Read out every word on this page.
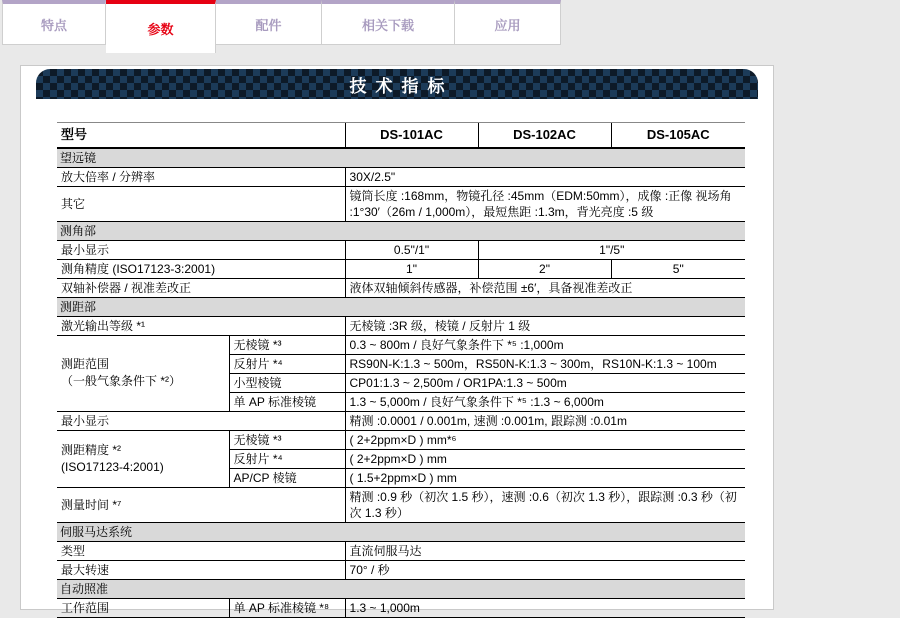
特点	参数	配件	相关下载	应用
技术指标
型号		DS-101AC	DS-102AC	DS-105AC
望远镜				
放大倍率 / 分辨率		30X/2.5"		
其它		镜筒长度 :168mm，物镜孔径 :45mm（EDM:50mm），成像 :正像 视场角 :1°30′（26m / 1,000m），最短焦距 :1.3m，背光亮度 :5 级		
测角部				
最小显示		0.5"/1"	1"/5"	
测角精度 (ISO17123-3:2001)		1"	2"	5"
双轴补偿器 / 视准差改正		液体双轴倾斜传感器，补偿范围 ±6′，具备视准差改正		
测距部				
激光输出等级 *¹		无棱镜 :3R 级，棱镜 / 反射片 1 级		

测距范围
（一般气象条件下 *²）	无棱镜 *³	0.3 ~ 800m / 良好气象条件下 *⁵ :1,000m		
	反射片 *⁴	RS90N-K:1.3 ~ 500m，RS50N-K:1.3 ~ 300m，RS10N-K:1.3 ~ 100m		
	小型棱镜	CP01:1.3 ~ 2,500m / OR1PA:1.3 ~ 500m		
	单 AP 标准棱镜	1.3 ~ 5,000m / 良好气象条件下 *⁵ :1.3 ~ 6,000m		
最小显示		精测 :0.0001 / 0.001m, 速测 :0.001m, 跟踪测 :0.01m		

测距精度 *²
(ISO17123-4:2001)	无棱镜 *³	( 2+2ppm×D ) mm*⁶		
	反射片 *⁴	( 2+2ppm×D ) mm		
	AP/CP 棱镜	( 1.5+2ppm×D ) mm		
测量时间 *⁷		精测 :0.9 秒（初次 1.5 秒），速测 :0.6（初次 1.3 秒），跟踪测 :0.3 秒（初次 1.3 秒）		
伺服马达系统				
类型		直流伺服马达		
最大转速		70° / 秒		
自动照准				
工作范围	单 AP 标准棱镜 *⁸	1.3 ~ 1,000m		
